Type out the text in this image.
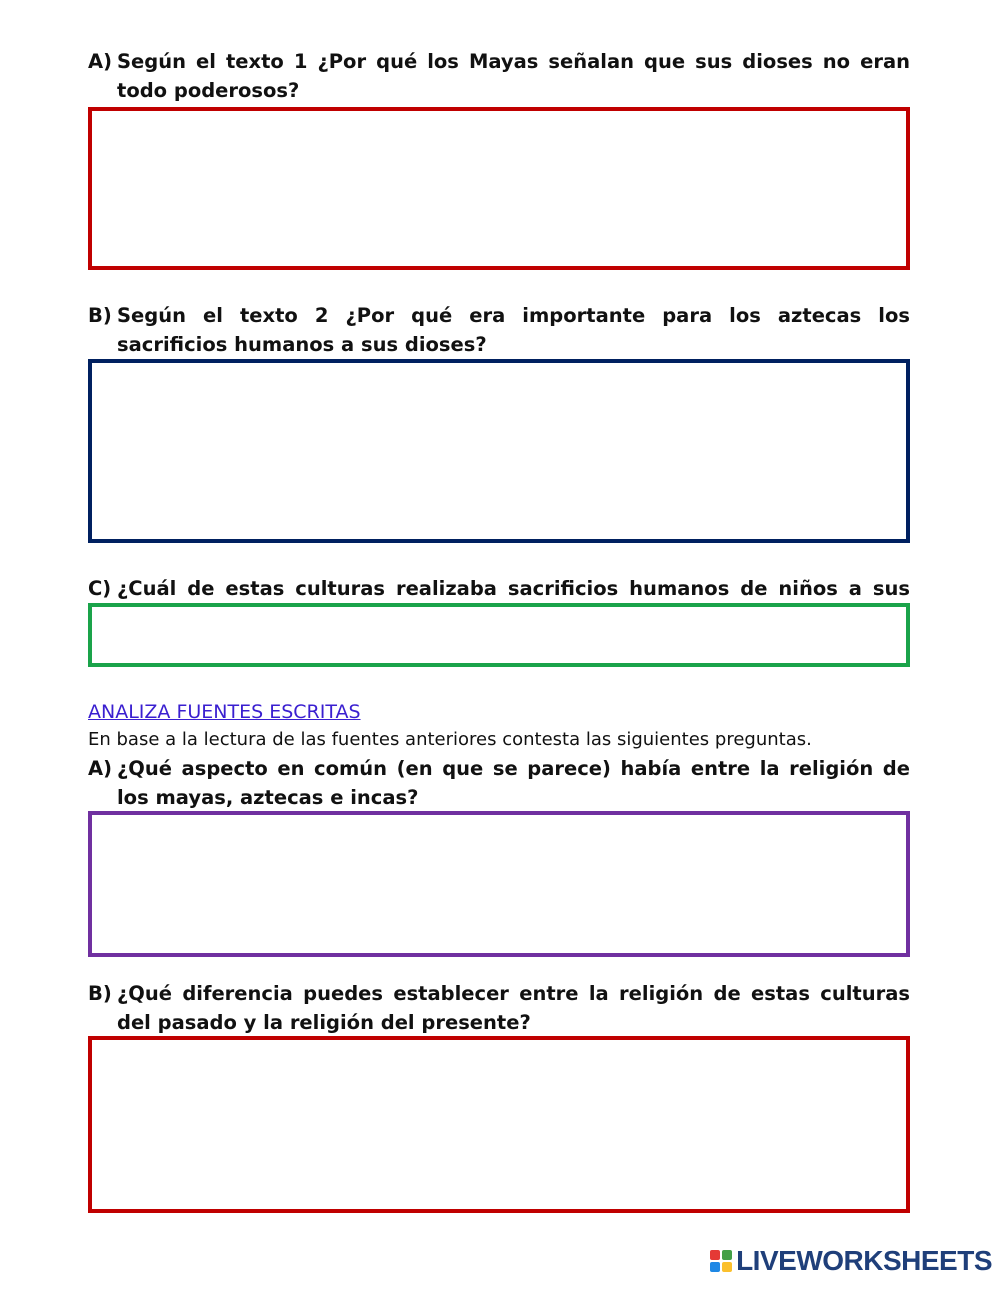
A) Según el texto 1 ¿Por qué los Mayas señalan que sus dioses no eran todo poderosos?
B) Según el texto 2 ¿Por qué era importante para los aztecas los sacrificios humanos a sus dioses?
C) ¿Cuál de estas culturas realizaba sacrificios humanos de niños a sus
ANALIZA FUENTES ESCRITAS
En base a la lectura de las fuentes anteriores contesta las siguientes preguntas.
A) ¿Qué aspecto en común (en que se parece) había entre la religión de los mayas, aztecas e incas?
B) ¿Qué diferencia puedes establecer entre la religión de estas culturas del pasado y la religión del presente?
LIVEWORKSHEETS
